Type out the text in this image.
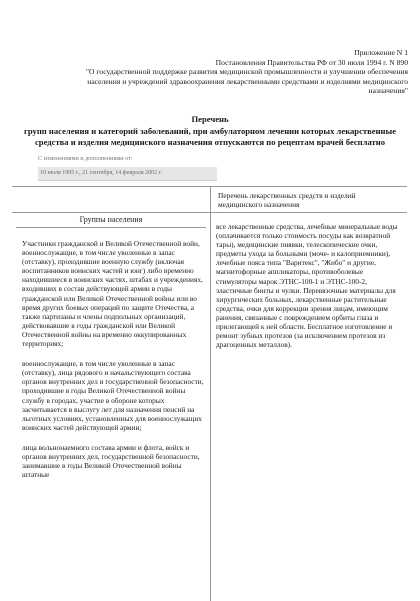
Приложение N 1
Постановления Правительства РФ от 30 июля 1994 г. N 890
"О государственной поддержке развития медицинской промышленности и улучшении обеспечения населения и учреждений здравоохранения лекарственными средствами и изделиями медицинского назначения"
Перечень
групп населения и категорий заболеваний, при амбулаторном лечении которых лекарственные средства и изделия медицинского назначения отпускаются по рецептам врачей бесплатно
С изменениями и дополнениями от:
10 июля 1995 г., 21 сентября, 14 февраля 2002 г.
Перечень лекарственных средств и изделий медицинского назначения
Группы населения

Участники гражданской и Великой Отечественной войн, военнослужащие, в том числе уволенные в запас (отставку), проходившие военную службу (включая воспитанников воинских частей и юнг) либо временно находившиеся в воинских частях, штабах и учреждениях, входивших в состав действующей армии в годы гражданской или Великой Отечественной войны или во время других боевых операций по защите Отечества, а также партизаны и члены подпольных организаций, действовавшие в годы гражданской или Великой Отечественной войны на временно оккупированных территориях;

военнослужащие, в том числе уволенные в запас (отставку), лица рядового и начальствующего состава органов внутренних дел и государственной безопасности, проходившие в годы Великой Отечественной войны службу в городах, участие в обороне которых засчитывается в выслугу лет для назначения пенсий на льготных условиях, установленных для военнослужащих воинских частей действующей армии;

лица вольнонаемного состава армии и флота, войск и органов внутренних дел, государственной безопасности, занимавшие в годы Великой Отечественной войны штатные

все лекарственные средства, лечебные минеральные воды (оплачивается только стоимость посуды как возвратной тары), медицинские пиявки, телескопические очки, предметы ухода за больными (моче- и калоприемники), лечебные пояса типа "Варитекс", "Жибо" и другие, магнитофорные аппликаторы, противоболевые стимуляторы марок ЭТНС-100-1 и ЭТНС-100-2, эластичные бинты и чулки. Перевязочные материалы для хирургических больных, лекарственные растительные средства, очки для коррекции зрения лицам, имеющим ранения, связанные с повреждением орбиты глаза и прилегающей к ней области. Бесплатное изготовление и ремонт зубных протезов (за исключением протезов из драгоценных металлов).
